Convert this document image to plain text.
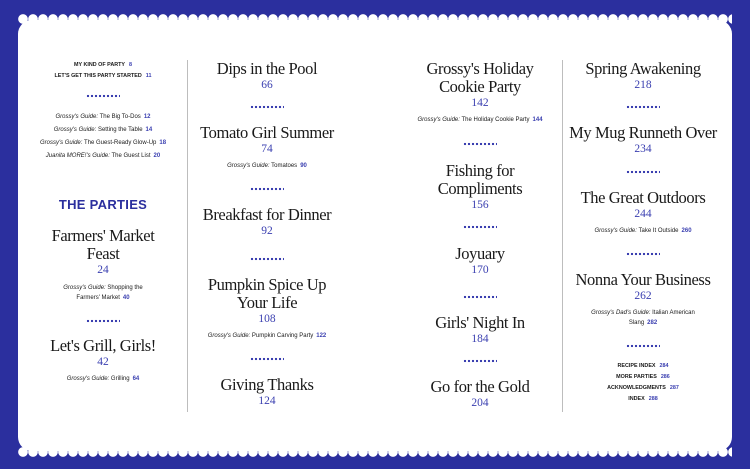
MY KIND OF PARTY 8
LET'S GET THIS PARTY STARTED 11
Grossy's Guide: The Big To-Dos 12
Grossy's Guide: Setting the Table 14
Grossy's Guide: The Guest-Ready Glow-Up 18
Juanita MORE!'s Guide: The Guest List 20
THE PARTIES
Farmers' Market
Feast
24
Grossy's Guide: Shopping the
Farmers' Market 40
Let's Grill, Girls!
42
Grossy's Guide: Grilling 64
Dips in the Pool
66
Tomato Girl Summer
74
Grossy's Guide: Tomatoes 90
Breakfast for Dinner
92
Pumpkin Spice Up
Your Life
108
Grossy's Guide: Pumpkin Carving Party 122
Giving Thanks
124
Grossy's Holiday
Cookie Party
142
Grossy's Guide: The Holiday Cookie Party 144
Fishing for
Compliments
156
Joyuary
170
Girls' Night In
184
Go for the Gold
204
Spring Awakening
218
My Mug Runneth Over
234
The Great Outdoors
244
Grossy's Guide: Take It Outside 260
Nonna Your Business
262
Grossy's Dad's Guide: Italian American
Slang 282
RECIPE INDEX 284
MORE PARTIES 286
ACKNOWLEDGMENTS 287
INDEX 288
